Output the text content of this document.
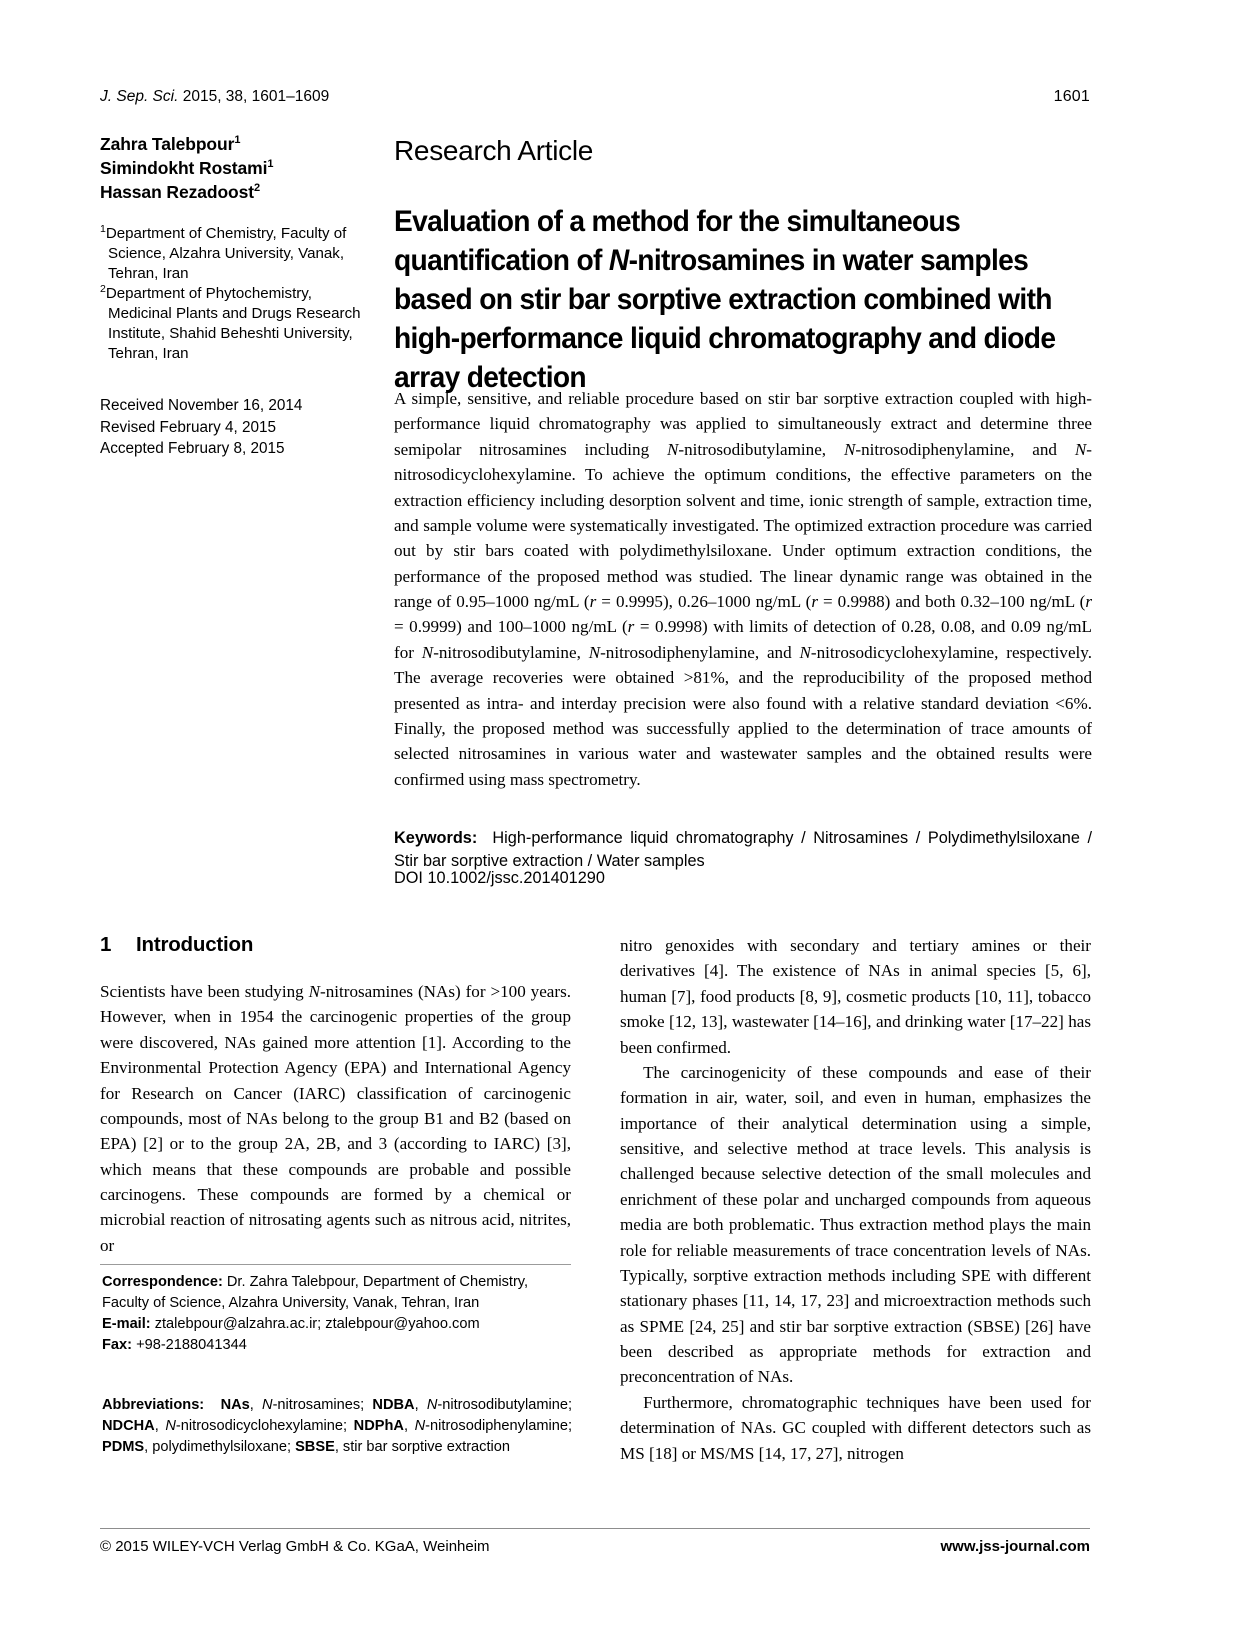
J. Sep. Sci. 2015, 38, 1601–1609	1601
Zahra Talebpour$^1$
Simindokht Rostami$^1$
Hassan Rezadoost$^2$
$^1$Department of Chemistry, Faculty of Science, Alzahra University, Vanak, Tehran, Iran
$^2$Department of Phytochemistry, Medicinal Plants and Drugs Research Institute, Shahid Beheshti University, Tehran, Iran
Received November 16, 2014
Revised February 4, 2015
Accepted February 8, 2015
Research Article
Evaluation of a method for the simultaneous quantification of N-nitrosamines in water samples based on stir bar sorptive extraction combined with high-performance liquid chromatography and diode array detection
A simple, sensitive, and reliable procedure based on stir bar sorptive extraction coupled with high-performance liquid chromatography was applied to simultaneously extract and determine three semipolar nitrosamines including N-nitrosodibutylamine, N-nitrosodiphenylamine, and N-nitrosodicyclohexylamine. To achieve the optimum conditions, the effective parameters on the extraction efficiency including desorption solvent and time, ionic strength of sample, extraction time, and sample volume were systematically investigated. The optimized extraction procedure was carried out by stir bars coated with polydimethylsiloxane. Under optimum extraction conditions, the performance of the proposed method was studied. The linear dynamic range was obtained in the range of 0.95–1000 ng/mL (r = 0.9995), 0.26–1000 ng/mL (r = 0.9988) and both 0.32–100 ng/mL (r = 0.9999) and 100–1000 ng/mL (r = 0.9998) with limits of detection of 0.28, 0.08, and 0.09 ng/mL for N-nitrosodibutylamine, N-nitrosodiphenylamine, and N-nitrosodicyclohexylamine, respectively. The average recoveries were obtained >81%, and the reproducibility of the proposed method presented as intra- and interday precision were also found with a relative standard deviation <6%. Finally, the proposed method was successfully applied to the determination of trace amounts of selected nitrosamines in various water and wastewater samples and the obtained results were confirmed using mass spectrometry.
Keywords: High-performance liquid chromatography / Nitrosamines / Polydimethylsiloxane / Stir bar sorptive extraction / Water samples
DOI 10.1002/jssc.201401290
1 Introduction

Scientists have been studying N-nitrosamines (NAs) for >100 years. However, when in 1954 the carcinogenic properties of the group were discovered, NAs gained more attention [1]. According to the Environmental Protection Agency (EPA) and International Agency for Research on Cancer (IARC) classification of carcinogenic compounds, most of NAs belong to the group B1 and B2 (based on EPA) [2] or to the group 2A, 2B, and 3 (according to IARC) [3], which means that these compounds are probable and possible carcinogens. These compounds are formed by a chemical or microbial reaction of nitrosating agents such as nitrous acid, nitrites, or

nitro genoxides with secondary and tertiary amines or their derivatives [4]. The existence of NAs in animal species [5, 6], human [7], food products [8, 9], cosmetic products [10, 11], tobacco smoke [12, 13], wastewater [14–16], and drinking water [17–22] has been confirmed.

The carcinogenicity of these compounds and ease of their formation in air, water, soil, and even in human, emphasizes the importance of their analytical determination using a simple, sensitive, and selective method at trace levels. This analysis is challenged because selective detection of the small molecules and enrichment of these polar and uncharged compounds from aqueous media are both problematic. Thus extraction method plays the main role for reliable measurements of trace concentration levels of NAs. Typically, sorptive extraction methods including SPE with different stationary phases [11, 14, 17, 23] and microextraction methods such as SPME [24, 25] and stir bar sorptive extraction (SBSE) [26] have been described as appropriate methods for extraction and preconcentration of NAs.

Furthermore, chromatographic techniques have been used for determination of NAs. GC coupled with different detectors such as MS [18] or MS/MS [14, 17, 27], nitrogen

Correspondence: Dr. Zahra Talebpour, Department of Chemistry, Faculty of Science, Alzahra University, Vanak, Tehran, Iran
E-mail: ztalebpour@alzahra.ac.ir; ztalebpour@yahoo.com
Fax: +98-2188041344
Abbreviations: NAs, N-nitrosamines; NDBA, N-nitrosodibutylamine; NDCHA, N-nitrosodicyclohexylamine; NDPhA, N-nitrosodiphenylamine; PDMS, polydimethylsiloxane; SBSE, stir bar sorptive extraction
© 2015 WILEY-VCH Verlag GmbH & Co. KGaA, Weinheim	www.jss-journal.com
